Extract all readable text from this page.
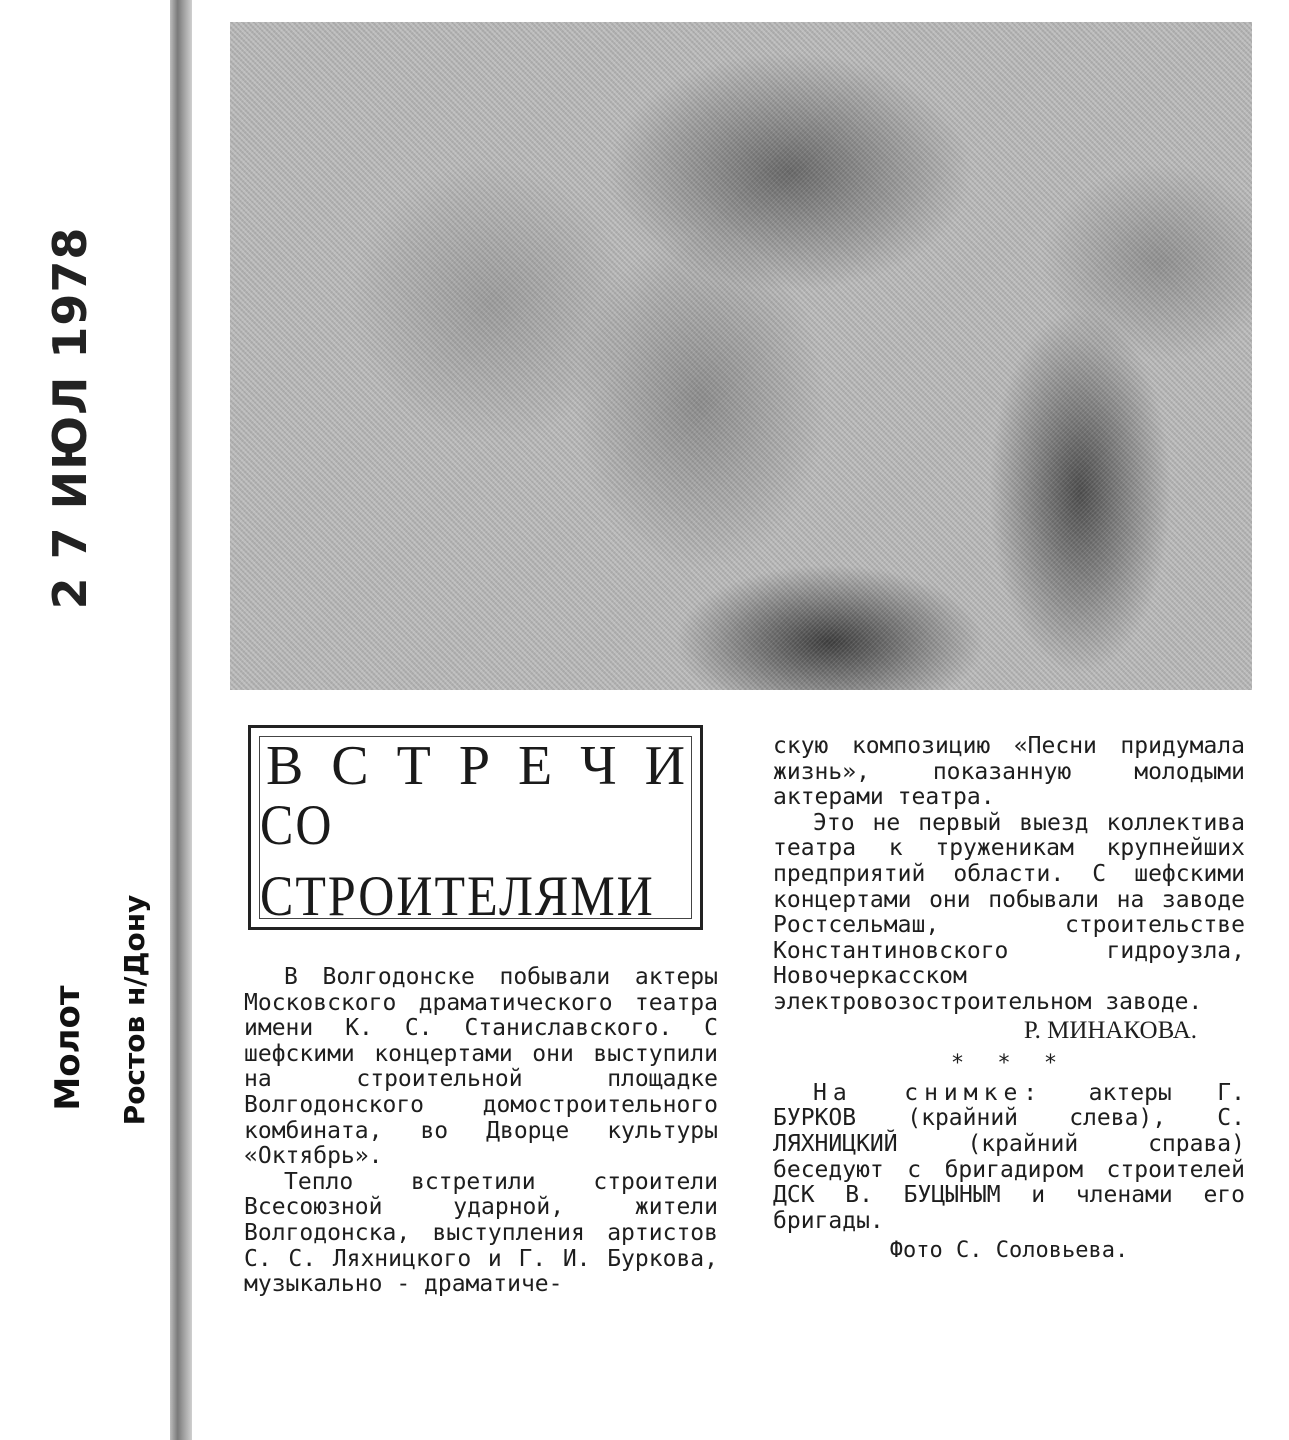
2 7 ИЮЛ 1978
Молот Ростов н/Дону
ВСТРЕЧИ
СО СТРОИТЕЛЯМИ

В Волгодонске побывали актеры Московского драматического театра имени К. С. Станиславского. С шефскими концертами они выступили на строительной площадке Волгодонского домостроительного комбината, во Дворце культуры «Октябрь».

Тепло встретили строители Всесоюзной ударной, жители Волгодонска, выступления артистов С. С. Ляхницкого и Г. И. Буркова, музыкально - драматиче-

скую композицию «Песни придумала жизнь», показанную молодыми актерами театра.

Это не первый выезд коллектива театра к труженикам крупнейших предприятий области. С шефскими концертами они побывали на заводе Ростсельмаш, строительстве Константиновского гидроузла, Новочеркасском электровозостроительном заводе.

Р. МИНАКОВА.
* * *

На снимке: актеры Г. БУРКОВ (крайний слева), С. ЛЯХНИЦКИЙ (крайний справа) беседуют с бригадиром строителей ДСК В. БУЦЫНЫМ и членами его бригады.

Фото С. Соловьева.
